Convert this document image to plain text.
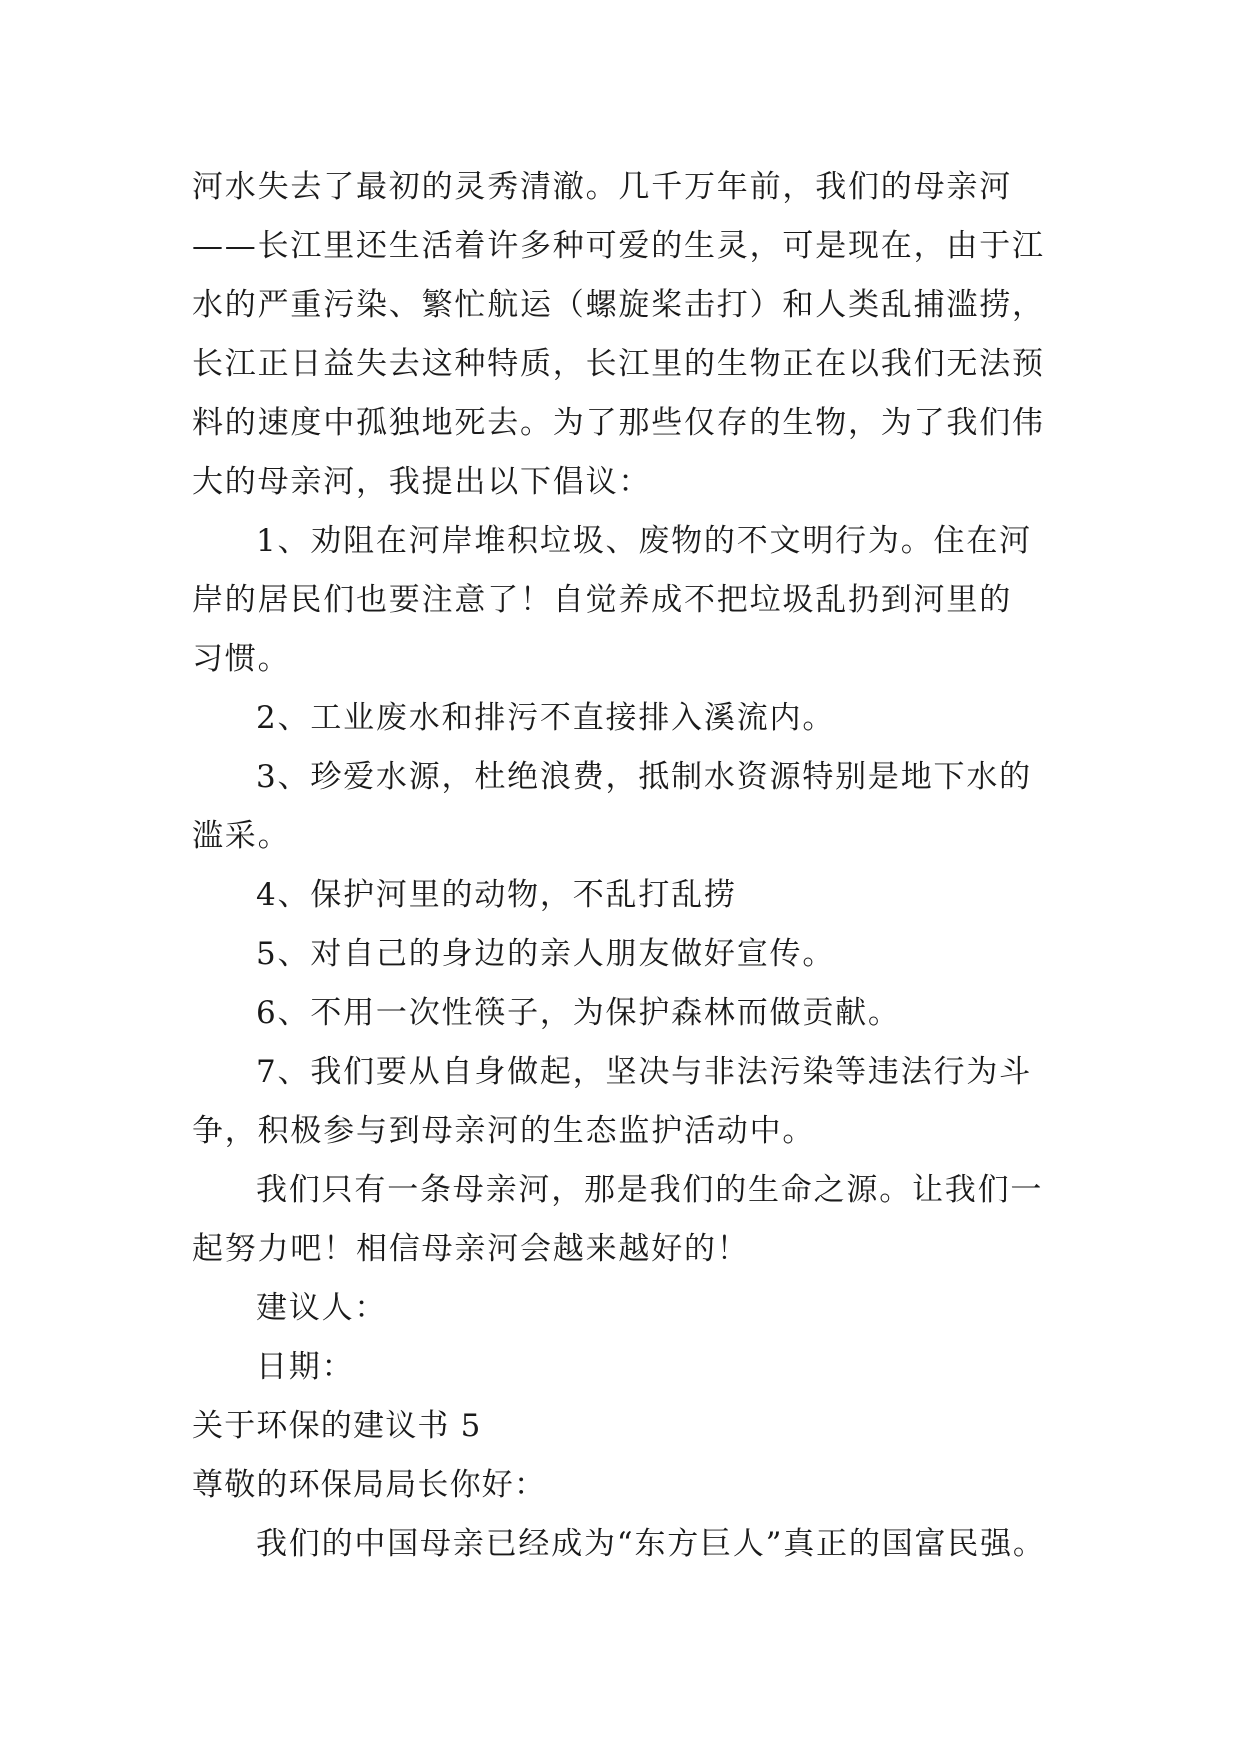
河水失去了最初的灵秀清澈。几千万年前，我们的母亲河
——长江里还生活着许多种可爱的生灵，可是现在，由于江
水的严重污染、繁忙航运（螺旋桨击打）和人类乱捕滥捞，
长江正日益失去这种特质，长江里的生物正在以我们无法预
料的速度中孤独地死去。为了那些仅存的生物，为了我们伟
大的母亲河，我提出以下倡议：
1、劝阻在河岸堆积垃圾、废物的不文明行为。住在河
岸的居民们也要注意了！自觉养成不把垃圾乱扔到河里的
习惯。
2、工业废水和排污不直接排入溪流内。
3、珍爱水源，杜绝浪费，抵制水资源特别是地下水的
滥采。
4、保护河里的动物，不乱打乱捞
5、对自己的身边的亲人朋友做好宣传。
6、不用一次性筷子，为保护森林而做贡献。
7、我们要从自身做起，坚决与非法污染等违法行为斗
争，积极参与到母亲河的生态监护活动中。
我们只有一条母亲河，那是我们的生命之源。让我们一
起努力吧！相信母亲河会越来越好的！
建议人：
日期：
关于环保的建议书 5
尊敬的环保局局长你好：
我们的中国母亲已经成为“东方巨人”真正的国富民强。
